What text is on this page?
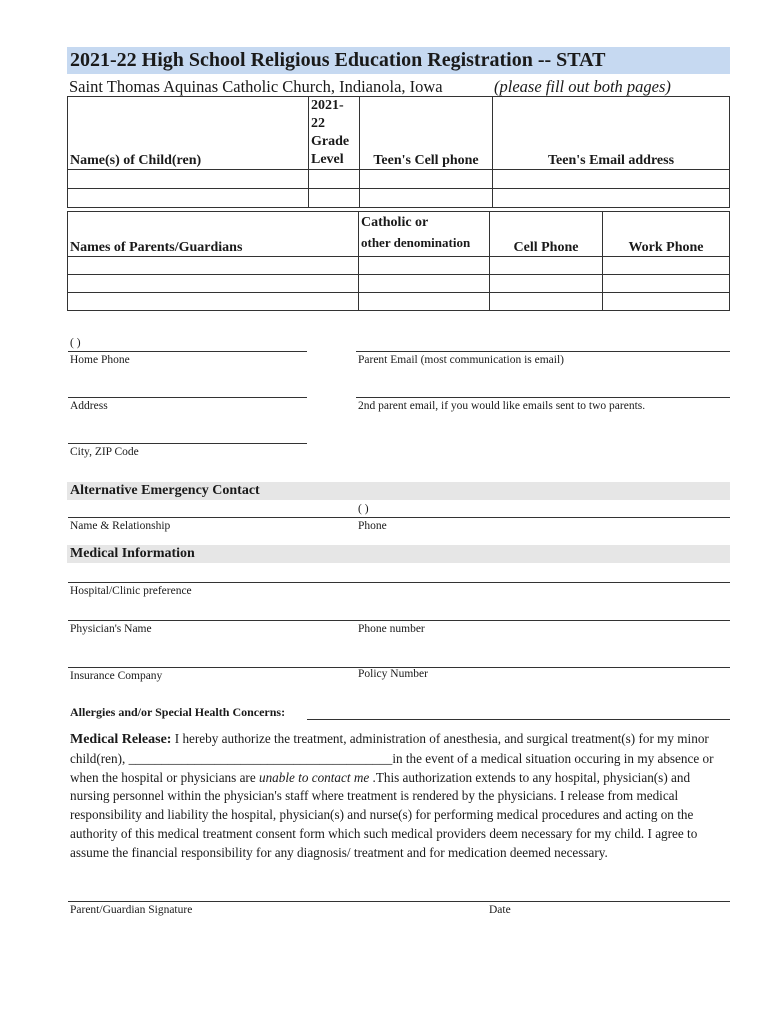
2021-22 High School Religious Education Registration -- STAT
Saint Thomas Aquinas Catholic Church, Indianola, Iowa	(please fill out both pages)
Name(s) of Child(ren)	2021-22
Grade
Level	Teen's Cell phone	Teen's Email address

Names of Parents/Guardians	Catholic or
other denomination	Cell Phone	Work Phone

( )
Home Phone	Parent Email (most communication is email)
Address	2nd parent email, if you would like emails sent to two parents.
City, ZIP Code
Alternative Emergency Contact
( )
Name & Relationship	Phone
Medical Information
Hospital/Clinic preference
Physician's Name	Phone number
Insurance Company	Policy Number
Allergies and/or Special Health Concerns:
Medical Release: I hereby authorize the treatment, administration of anesthesia, and surgical treatment(s) for my minor child(ren), ________________________________________in the event of a medical situation occuring in my absence or when the hospital or physicians are unable to contact me .This authorization extends to any hospital, physician(s) and nursing personnel within the physician's staff where treatment is rendered by the physicians. I release from medical responsibility and liability the hospital, physician(s) and nurse(s) for performing medical procedures and acting on the authority of this medical treatment consent form which such medical providers deem necessary for my child. I agree to assume the financial responsibility for any diagnosis/ treatment and for medication deemed necessary.
Parent/Guardian Signature	Date
